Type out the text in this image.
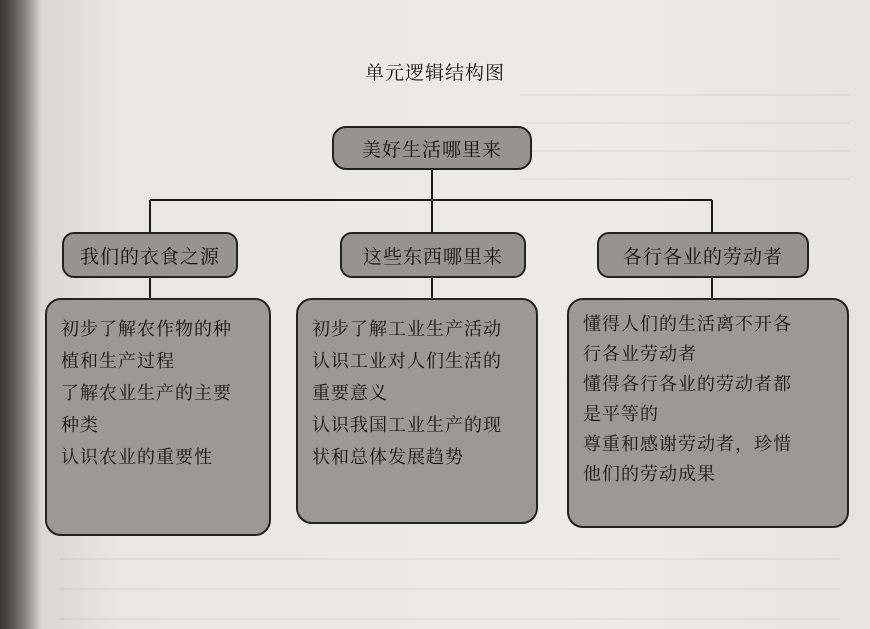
单元逻辑结构图
美好生活哪里来
我们的衣食之源	这些东西哪里来	各行各业的劳动者
初步了解农作物的种
植和生产过程
了解农业生产的主要
种类
认识农业的重要性
初步了解工业生产活动
认识工业对人们生活的
重要意义
认识我国工业生产的现
状和总体发展趋势
懂得人们的生活离不开各
行各业劳动者
懂得各行各业的劳动者都
是平等的
尊重和感谢劳动者，珍惜
他们的劳动成果
